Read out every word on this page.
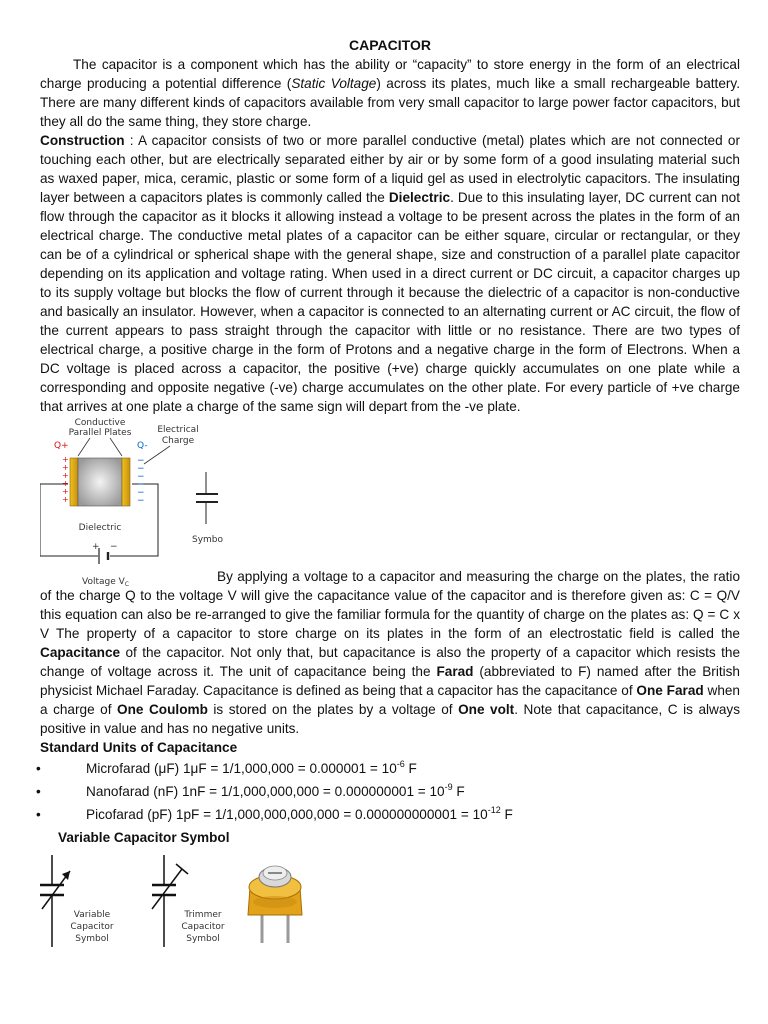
CAPACITOR

The capacitor is a component which has the ability or “capacity” to store energy in the form of an electrical charge producing a potential difference (Static Voltage) across its plates, much like a small rechargeable battery. There are many different kinds of capacitors available from very small capacitor to large power factor capacitors, but they all do the same thing, they store charge.

Construction : A capacitor consists of two or more parallel conductive (metal) plates which are not connected or touching each other, but are electrically separated either by air or by some form of a good insulating material such as waxed paper, mica, ceramic, plastic or some form of a liquid gel as used in electrolytic capacitors. The insulating layer between a capacitors plates is commonly called the Dielectric. Due to this insulating layer, DC current can not flow through the capacitor as it blocks it allowing instead a voltage to be present across the plates in the form of an electrical charge. The conductive metal plates of a capacitor can be either square, circular or rectangular, or they can be of a cylindrical or spherical shape with the general shape, size and construction of a parallel plate capacitor depending on its application and voltage rating. When used in a direct current or DC circuit, a capacitor charges up to its supply voltage but blocks the flow of current through it because the dielectric of a capacitor is non-conductive and basically an insulator. However, when a capacitor is connected to an alternating current or AC circuit, the flow of the current appears to pass straight through the capacitor with little or no resistance. There are two types of electrical charge, a positive charge in the form of Protons and a negative charge in the form of Electrons. When a DC voltage is placed across a capacitor, the positive (+ve) charge quickly accumulates on one plate while a corresponding and opposite negative (-ve) charge accumulates on the other plate. For every particle of +ve charge that arrives at one plate a charge of the same sign will depart from the -ve plate.

Conductive
Parallel Plates	Electrical
Charge
Q+	Q-
+
+
+
+
+
+
−
−
−
−
−
−
Dielectric
+ −
Voltage $V_C$
Symbo

By applying a voltage to a capacitor and measuring the charge on the plates, the ratio of the charge Q to the voltage V will give the capacitance value of the capacitor and is therefore given as: C = Q/V this equation can also be re-arranged to give the familiar formula for the quantity of charge on the plates as: Q = C x V The property of a capacitor to store charge on its plates in the form of an electrostatic field is called the Capacitance of the capacitor. Not only that, but capacitance is also the property of a capacitor which resists the change of voltage across it. The unit of capacitance being the Farad (abbreviated to F) named after the British physicist Michael Faraday. Capacitance is defined as being that a capacitor has the capacitance of One Farad when a charge of One Coulomb is stored on the plates by a voltage of One volt. Note that capacitance, C is always positive in value and has no negative units.

Standard Units of Capacitance
•	Microfarad (μF) $1\mu F = 1/1,000,000 = 0.000001 = 10^{-6}$ F
•	Nanofarad (nF) $1nF = 1/1,000,000,000 = 0.000000001 = 10^{-9}$ F
•	Picofarad (pF) $1pF = 1/1,000,000,000,000 = 0.000000000001 = 10^{-12}$ F
Variable Capacitor Symbol
Variable
Capacitor
Symbol
Trimmer
Capacitor
Symbol
